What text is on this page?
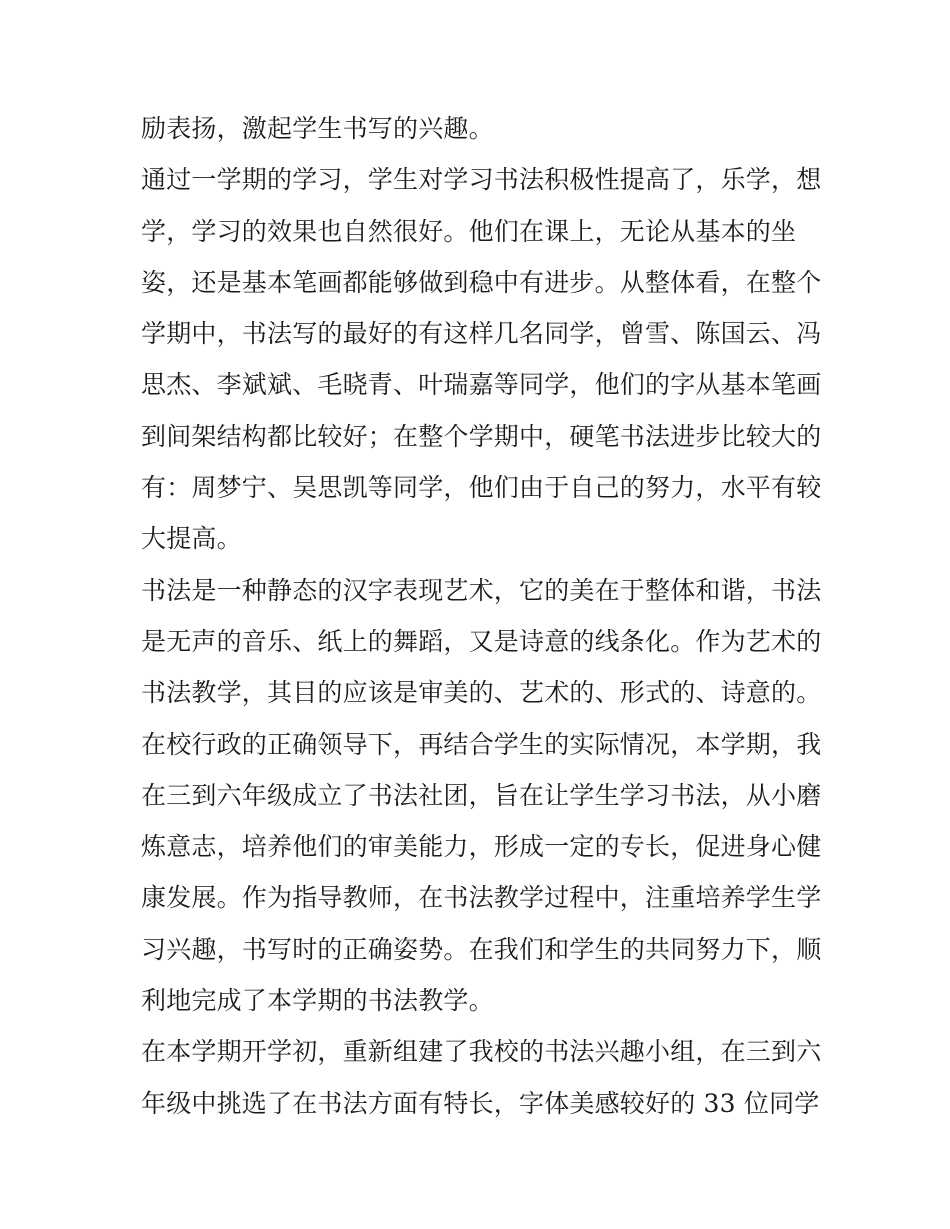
励表扬，激起学生书写的兴趣。
通过一学期的学习，学生对学习书法积极性提高了，乐学，想
学，学习的效果也自然很好。他们在课上，无论从基本的坐
姿，还是基本笔画都能够做到稳中有进步。从整体看，在整个
学期中，书法写的最好的有这样几名同学，曾雪、陈国云、冯
思杰、李斌斌、毛晓青、叶瑞嘉等同学，他们的字从基本笔画
到间架结构都比较好；在整个学期中，硬笔书法进步比较大的
有：周梦宁、吴思凯等同学，他们由于自己的努力，水平有较
大提高。
书法是一种静态的汉字表现艺术，它的美在于整体和谐，书法
是无声的音乐、纸上的舞蹈，又是诗意的线条化。作为艺术的
书法教学，其目的应该是审美的、艺术的、形式的、诗意的。
在校行政的正确领导下，再结合学生的实际情况，本学期，我
在三到六年级成立了书法社团，旨在让学生学习书法，从小磨
炼意志，培养他们的审美能力，形成一定的专长，促进身心健
康发展。作为指导教师，在书法教学过程中，注重培养学生学
习兴趣，书写时的正确姿势。在我们和学生的共同努力下，顺
利地完成了本学期的书法教学。
在本学期开学初，重新组建了我校的书法兴趣小组，在三到六
年级中挑选了在书法方面有特长，字体美感较好的 33 位同学
